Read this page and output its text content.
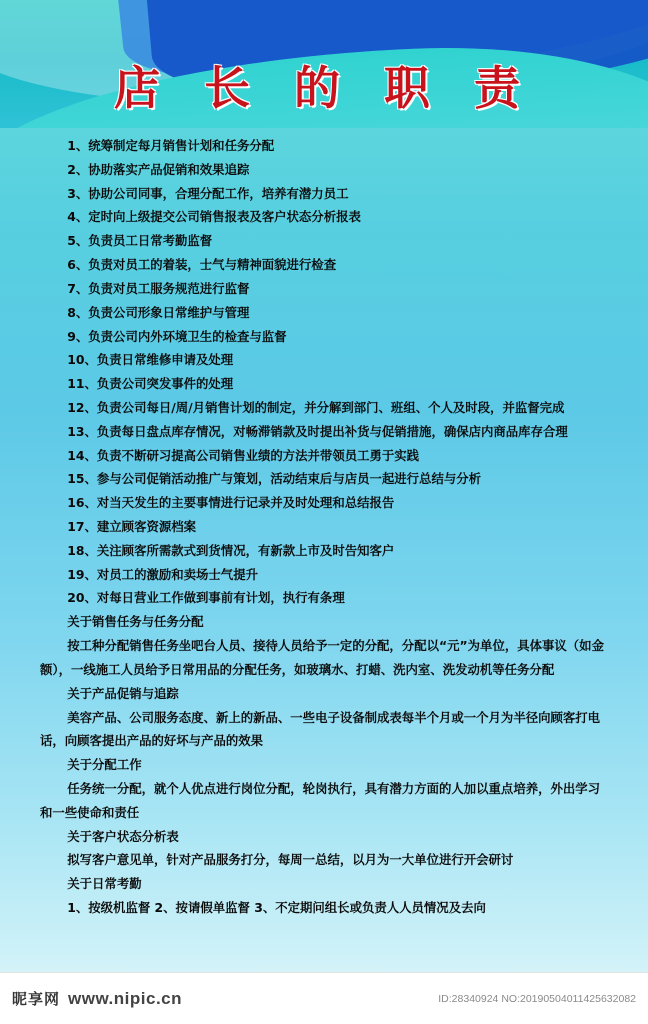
店 长 的 职 责

1、统筹制定每月销售计划和任务分配

2、协助落实产品促销和效果追踪

3、协助公司同事，合理分配工作，培养有潜力员工

4、定时向上级提交公司销售报表及客户状态分析报表

5、负责员工日常考勤监督

6、负责对员工的着装，士气与精神面貌进行检查

7、负责对员工服务规范进行监督

8、负责公司形象日常维护与管理

9、负责公司内外环境卫生的检查与监督

10、负责日常维修申请及处理

11、负责公司突发事件的处理

12、负责公司每日/周/月销售计划的制定，并分解到部门、班组、个人及时段，并监督完成

13、负责每日盘点库存情况，对畅滞销款及时提出补货与促销措施，确保店内商品库存合理

14、负责不断研习提高公司销售业绩的方法并带领员工勇于实践

15、参与公司促销活动推广与策划，活动结束后与店员一起进行总结与分析

16、对当天发生的主要事情进行记录并及时处理和总结报告

17、建立顾客资源档案

18、关注顾客所需款式到货情况，有新款上市及时告知客户

19、对员工的激励和卖场士气提升

20、对每日营业工作做到事前有计划，执行有条理

关于销售任务与任务分配

按工种分配销售任务坐吧台人员、接待人员给予一定的分配，分配以“元”为单位，具体事议（如金额），一线施工人员给予日常用品的分配任务，如玻璃水、打蜡、洗内室、洗发动机等任务分配

关于产品促销与追踪

美容产品、公司服务态度、新上的新品、一些电子设备制成表每半个月或一个月为半径向顾客打电话，向顾客提出产品的好坏与产品的效果

关于分配工作

任务统一分配，就个人优点进行岗位分配，轮岗执行，具有潜力方面的人加以重点培养，外出学习和一些使命和责任

关于客户状态分析表

拟写客户意见单，针对产品服务打分，每周一总结，以月为一大单位进行开会研讨

关于日常考勤

1、按级机监督 2、按请假单监督 3、不定期问组长或负责人人员情况及去向

昵享网 www.nipic.cn	ID:28340924 NO:20190504011425632082
